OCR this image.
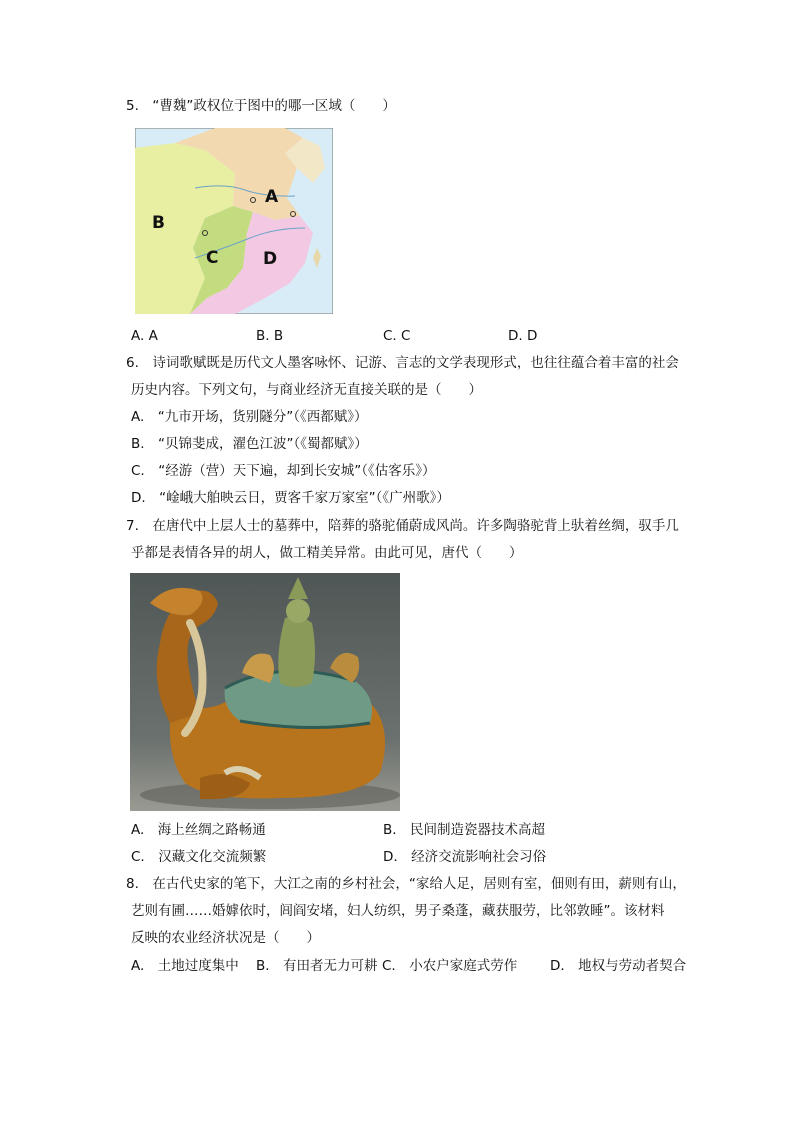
5.　“曹魏”政权位于图中的哪一区域（　　）
A
B
C	D
A. A	B. B	C. C	D. D
6.　诗词歌赋既是历代文人墨客咏怀、记游、言志的文学表现形式，也往往蕴合着丰富的社会
历史内容。下列文句，与商业经济无直接关联的是（　　）
A.　“九市开场，货别隧分”（《西都赋》）
B.　“贝锦斐成，濯色江波”（《蜀都赋》）
C.　“经游（营）天下遍，却到长安城”（《估客乐》）
D.　“崯峨大舶映云日，贾客千家万家室”（《广州歌》）
7.　在唐代中上层人士的墓葬中，陪葬的骆驼俑蔚成风尚。许多陶骆驼背上驮着丝绸，驭手几
乎都是表情各异的胡人，做工精美异常。由此可见，唐代（　　）
A.　海上丝绸之路畅通	B.　民间制造瓷器技术高超
C.　汉藏文化交流频繁	D.　经济交流影响社会习俗
8.　在古代史家的笔下，大江之南的乡村社会，“家给人足，居则有室，佃则有田，薪则有山，
艺则有圃……婚嫭依时，闾阎安堵，妇人纺织，男子桑蓬，藏获服劳，比邻敦睡”。该材料
反映的农业经济状况是（　　）
A.　土地过度集中 B.　有田者无力可耕 C.　小农户家庭式劳作 D.　地权与劳动者契合
